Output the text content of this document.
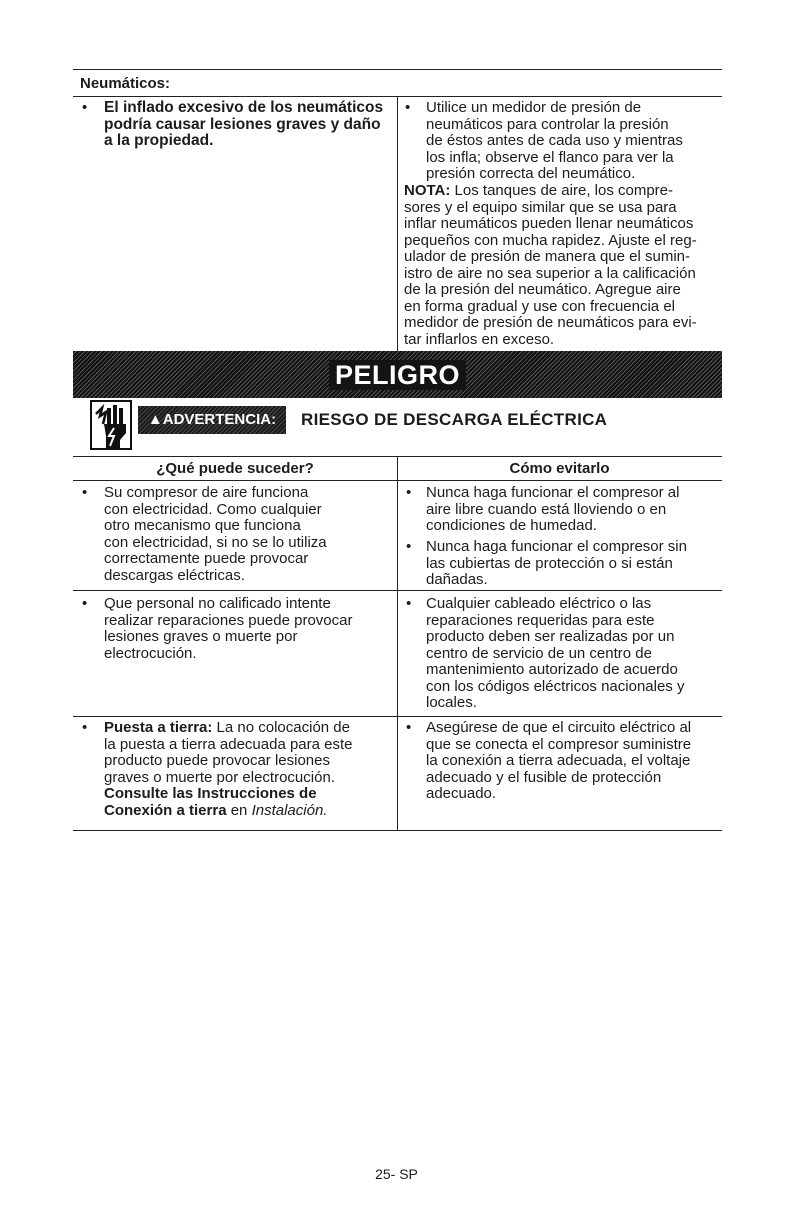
Neumáticos:
• El inflado excesivo de los neumáticos
podría causar lesiones graves y daño
a la propiedad.
• Utilice un medidor de presión de
neumáticos para controlar la presión
de éstos antes de cada uso y mientras
los infla; observe el flanco para ver la
presión correcta del neumático.
NOTA: Los tanques de aire, los compre-
sores y el equipo similar que se usa para
inflar neumáticos pueden llenar neumáticos
pequeños con mucha rapidez. Ajuste el reg-
ulador de presión de manera que el sumin-
istro de aire no sea superior a la calificación
de la presión del neumático. Agregue aire
en forma gradual y use con frecuencia el
medidor de presión de neumáticos para evi-
tar inflarlos en exceso.
PELIGRO
▲ADVERTENCIA:	RIESGO DE DESCARGA ELÉCTRICA
¿Qué puede suceder?	Cómo evitarlo
• Su compresor de aire funciona
con electricidad. Como cualquier
otro mecanismo que funciona
con electricidad, si no se lo utiliza
correctamente puede provocar
descargas eléctricas.
• Nunca haga funcionar el compresor al
aire libre cuando está lloviendo o en
condiciones de humedad.
• Nunca haga funcionar el compresor sin
las cubiertas de protección o si están
dañadas.
• Que personal no calificado intente
realizar reparaciones puede provocar
lesiones graves o muerte por
electrocución.
• Cualquier cableado eléctrico o las
reparaciones requeridas para este
producto deben ser realizadas por un
centro de servicio de un centro de
mantenimiento autorizado de acuerdo
con los códigos eléctricos nacionales y
locales.
• Puesta a tierra: La no colocación de
la puesta a tierra adecuada para este
producto puede provocar lesiones
graves o muerte por electrocución.
Consulte las Instrucciones de
Conexión a tierra en Instalación.
• Asegúrese de que el circuito eléctrico al
que se conecta el compresor suministre
la conexión a tierra adecuada, el voltaje
adecuado y el fusible de protección
adecuado.
25- SP
